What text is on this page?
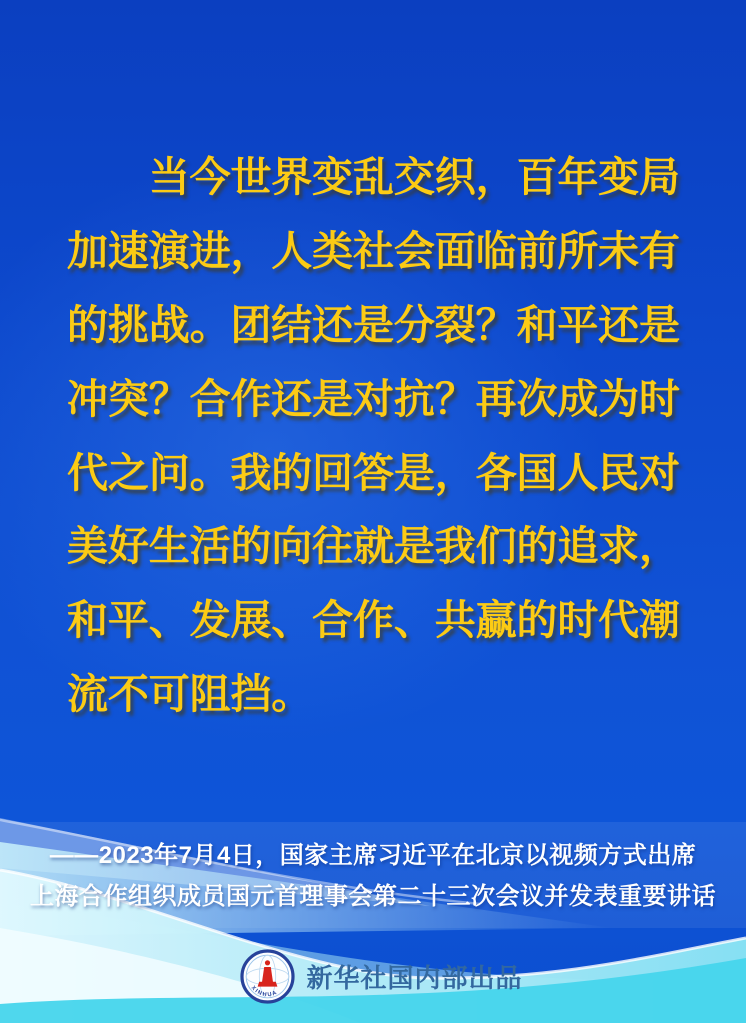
当 今 世 界 变 乱 交 织 ， 百 年 变 局
加 速 演 进 ， 人 类 社 会 面 临 前 所 未 有
的 挑 战 。 团 结 还 是 分 裂 ？ 和 平 还 是
冲 突 ？ 合 作 还 是 对 抗 ？ 再 次 成 为 时
代 之 问 。 我 的 回 答 是 ， 各 国 人 民 对
美 好 生 活 的 向 往 就 是 我 们 的 追 求 ，
和 平 、 发 展 、 合 作 、 共 赢 的 时 代 潮
流 不 可 阻 挡 。
——2023年7月4日，国家主席习近平在北京以视频方式出席
上海合作组织成员国元首理事会第二十三次会议并发表重要讲话
XINHUA
新华社国内部出品
